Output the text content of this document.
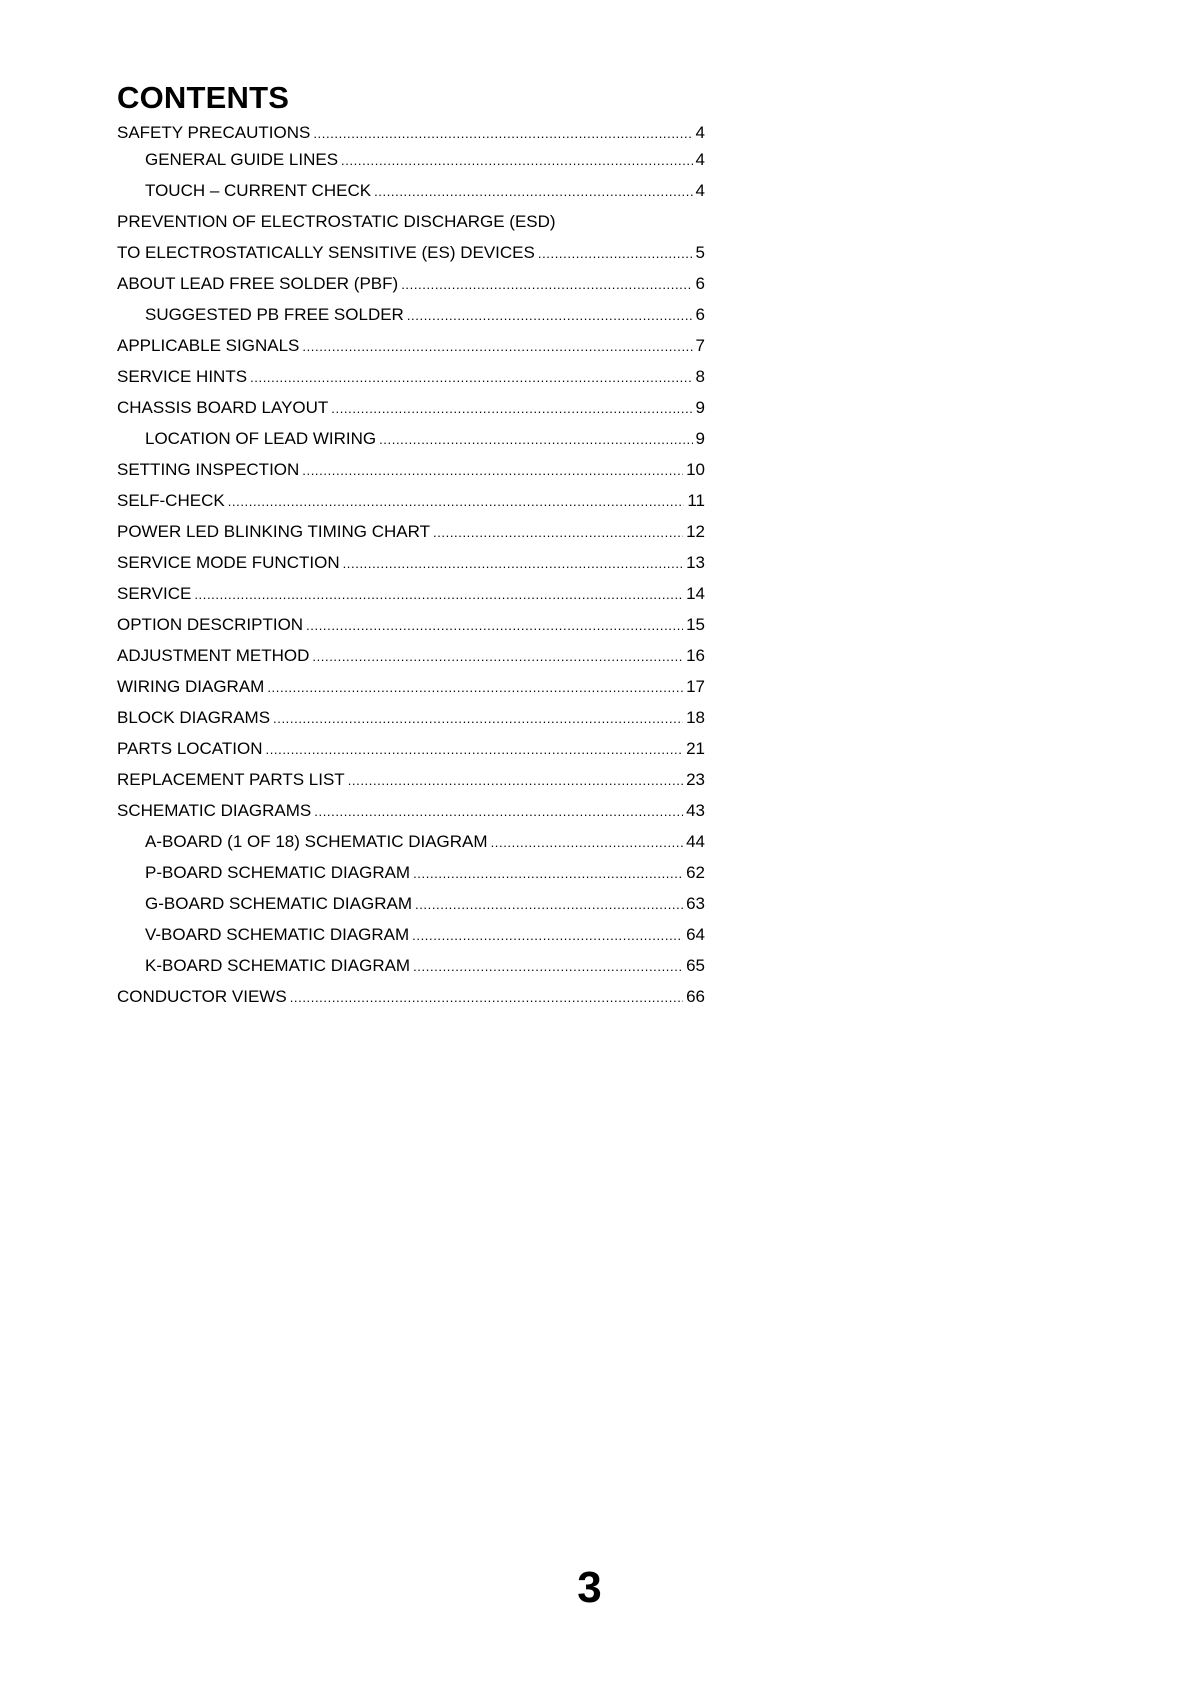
CONTENTS
SAFETY PRECAUTIONS .....	4
GENERAL GUIDE LINES .....	4
TOUCH – CURRENT CHECK .....	4
PREVENTION OF ELECTROSTATIC DISCHARGE (ESD)
TO ELECTROSTATICALLY SENSITIVE (ES) DEVICES .....	5
ABOUT LEAD FREE SOLDER (PBF) .....	6
SUGGESTED PB FREE SOLDER .....	6
APPLICABLE SIGNALS .....	7
SERVICE HINTS .....	8
CHASSIS BOARD LAYOUT .....	9
LOCATION OF LEAD WIRING .....	9
SETTING INSPECTION .....	10
SELF-CHECK .....	11
POWER LED BLINKING TIMING CHART .....	12
SERVICE MODE FUNCTION .....	13
SERVICE .....	14
OPTION DESCRIPTION .....	15
ADJUSTMENT METHOD .....	16
WIRING DIAGRAM .....	17
BLOCK DIAGRAMS .....	18
PARTS LOCATION .....	21
REPLACEMENT PARTS LIST .....	23
SCHEMATIC DIAGRAMS .....	43
A-BOARD (1 OF 18) SCHEMATIC DIAGRAM .....	44
P-BOARD SCHEMATIC DIAGRAM .....	62
G-BOARD SCHEMATIC DIAGRAM .....	63
V-BOARD SCHEMATIC DIAGRAM .....	64
K-BOARD SCHEMATIC DIAGRAM .....	65
CONDUCTOR VIEWS .....	66
3
